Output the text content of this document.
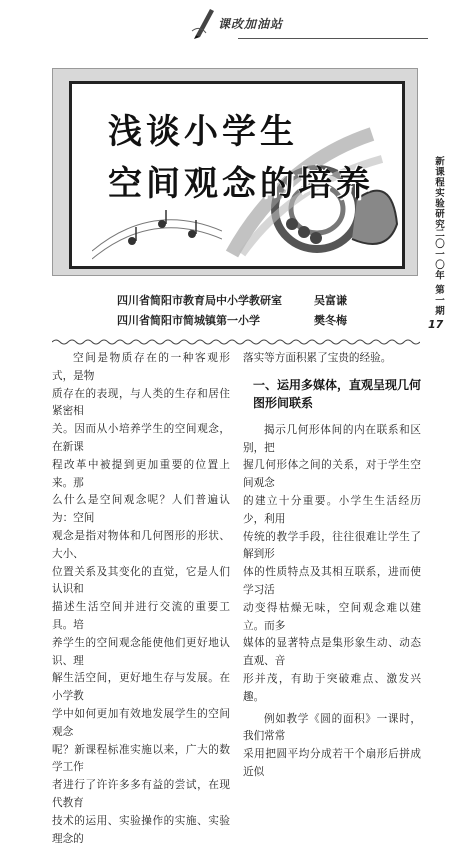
课改加油站
浅谈小学生
空间观念的培养	新课程实验研究
二〇一〇年 第一期
17
四川省简阳市教育局中小学教研室	吴富谦
四川省简阳市简城镇第一小学	樊冬梅
空间是物质存在的一种客观形式，是物
质存在的表现，与人类的生存和居住紧密相
关。因而从小培养学生的空间观念，在新课
程改革中被提到更加重要的位置上来。那
么什么是空间观念呢？人们普遍认为：空间
观念是指对物体和几何图形的形状、大小、
位置关系及其变化的直觉，它是人们认识和
描述生活空间并进行交流的重要工具。培
养学生的空间观念能使他们更好地认识、理
解生活空间，更好地生存与发展。在小学教
学中如何更加有效地发展学生的空间观念
呢？新课程标准实施以来，广大的数学工作
者进行了许许多多有益的尝试，在现代教育
技术的运用、实验操作的实施、实验理念的
落实等方面积累了宝贵的经验。
一、运用多媒体，直观呈现几何
图形间联系
揭示几何形体间的内在联系和区别，把
握几何形体之间的关系，对于学生空间观念
的建立十分重要。小学生生活经历少，利用
传统的教学手段，往往很难让学生了解到形
体的性质特点及其相互联系，进而使学习活
动变得枯燥无味，空间观念难以建立。而多
媒体的显著特点是集形象生动、动态直观、音
形并茂，有助于突破难点、激发兴趣。
例如教学《圆的面积》一课时，我们常常
采用把圆平均分成若干个扇形后拼成近似
